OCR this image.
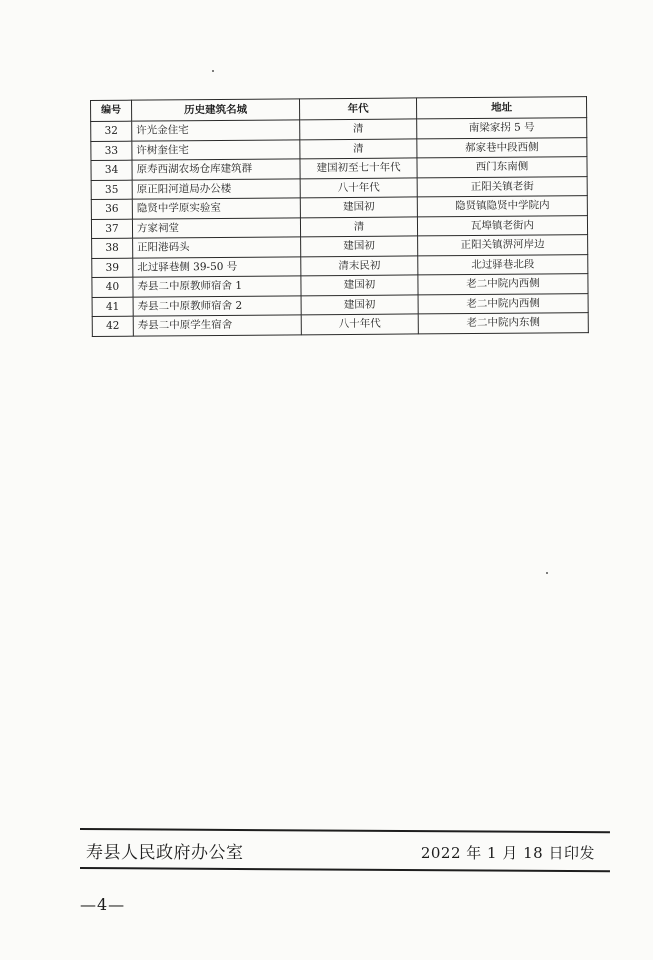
编号	历史建筑名城	年代	地址
32	许光金住宅	清	南梁家拐 5 号
33	许树奎住宅	清	郝家巷中段西侧
34	原寿西湖农场仓库建筑群	建国初至七十年代	西门东南侧
35	原正阳河道局办公楼	八十年代	正阳关镇老街
36	隐贤中学原实验室	建国初	隐贤镇隐贤中学院内
37	方家祠堂	清	瓦埠镇老街内
38	正阳港码头	建国初	正阳关镇淠河岸边
39	北过驿巷侧 39-50 号	清末民初	北过驿巷北段
40	寿县二中原教师宿舍 1	建国初	老二中院内西侧
41	寿县二中原教师宿舍 2	建国初	老二中院内西侧
42	寿县二中原学生宿舍	八十年代	老二中院内东侧
寿县人民政府办公室	2022 年 1 月 18 日印发
—4—
